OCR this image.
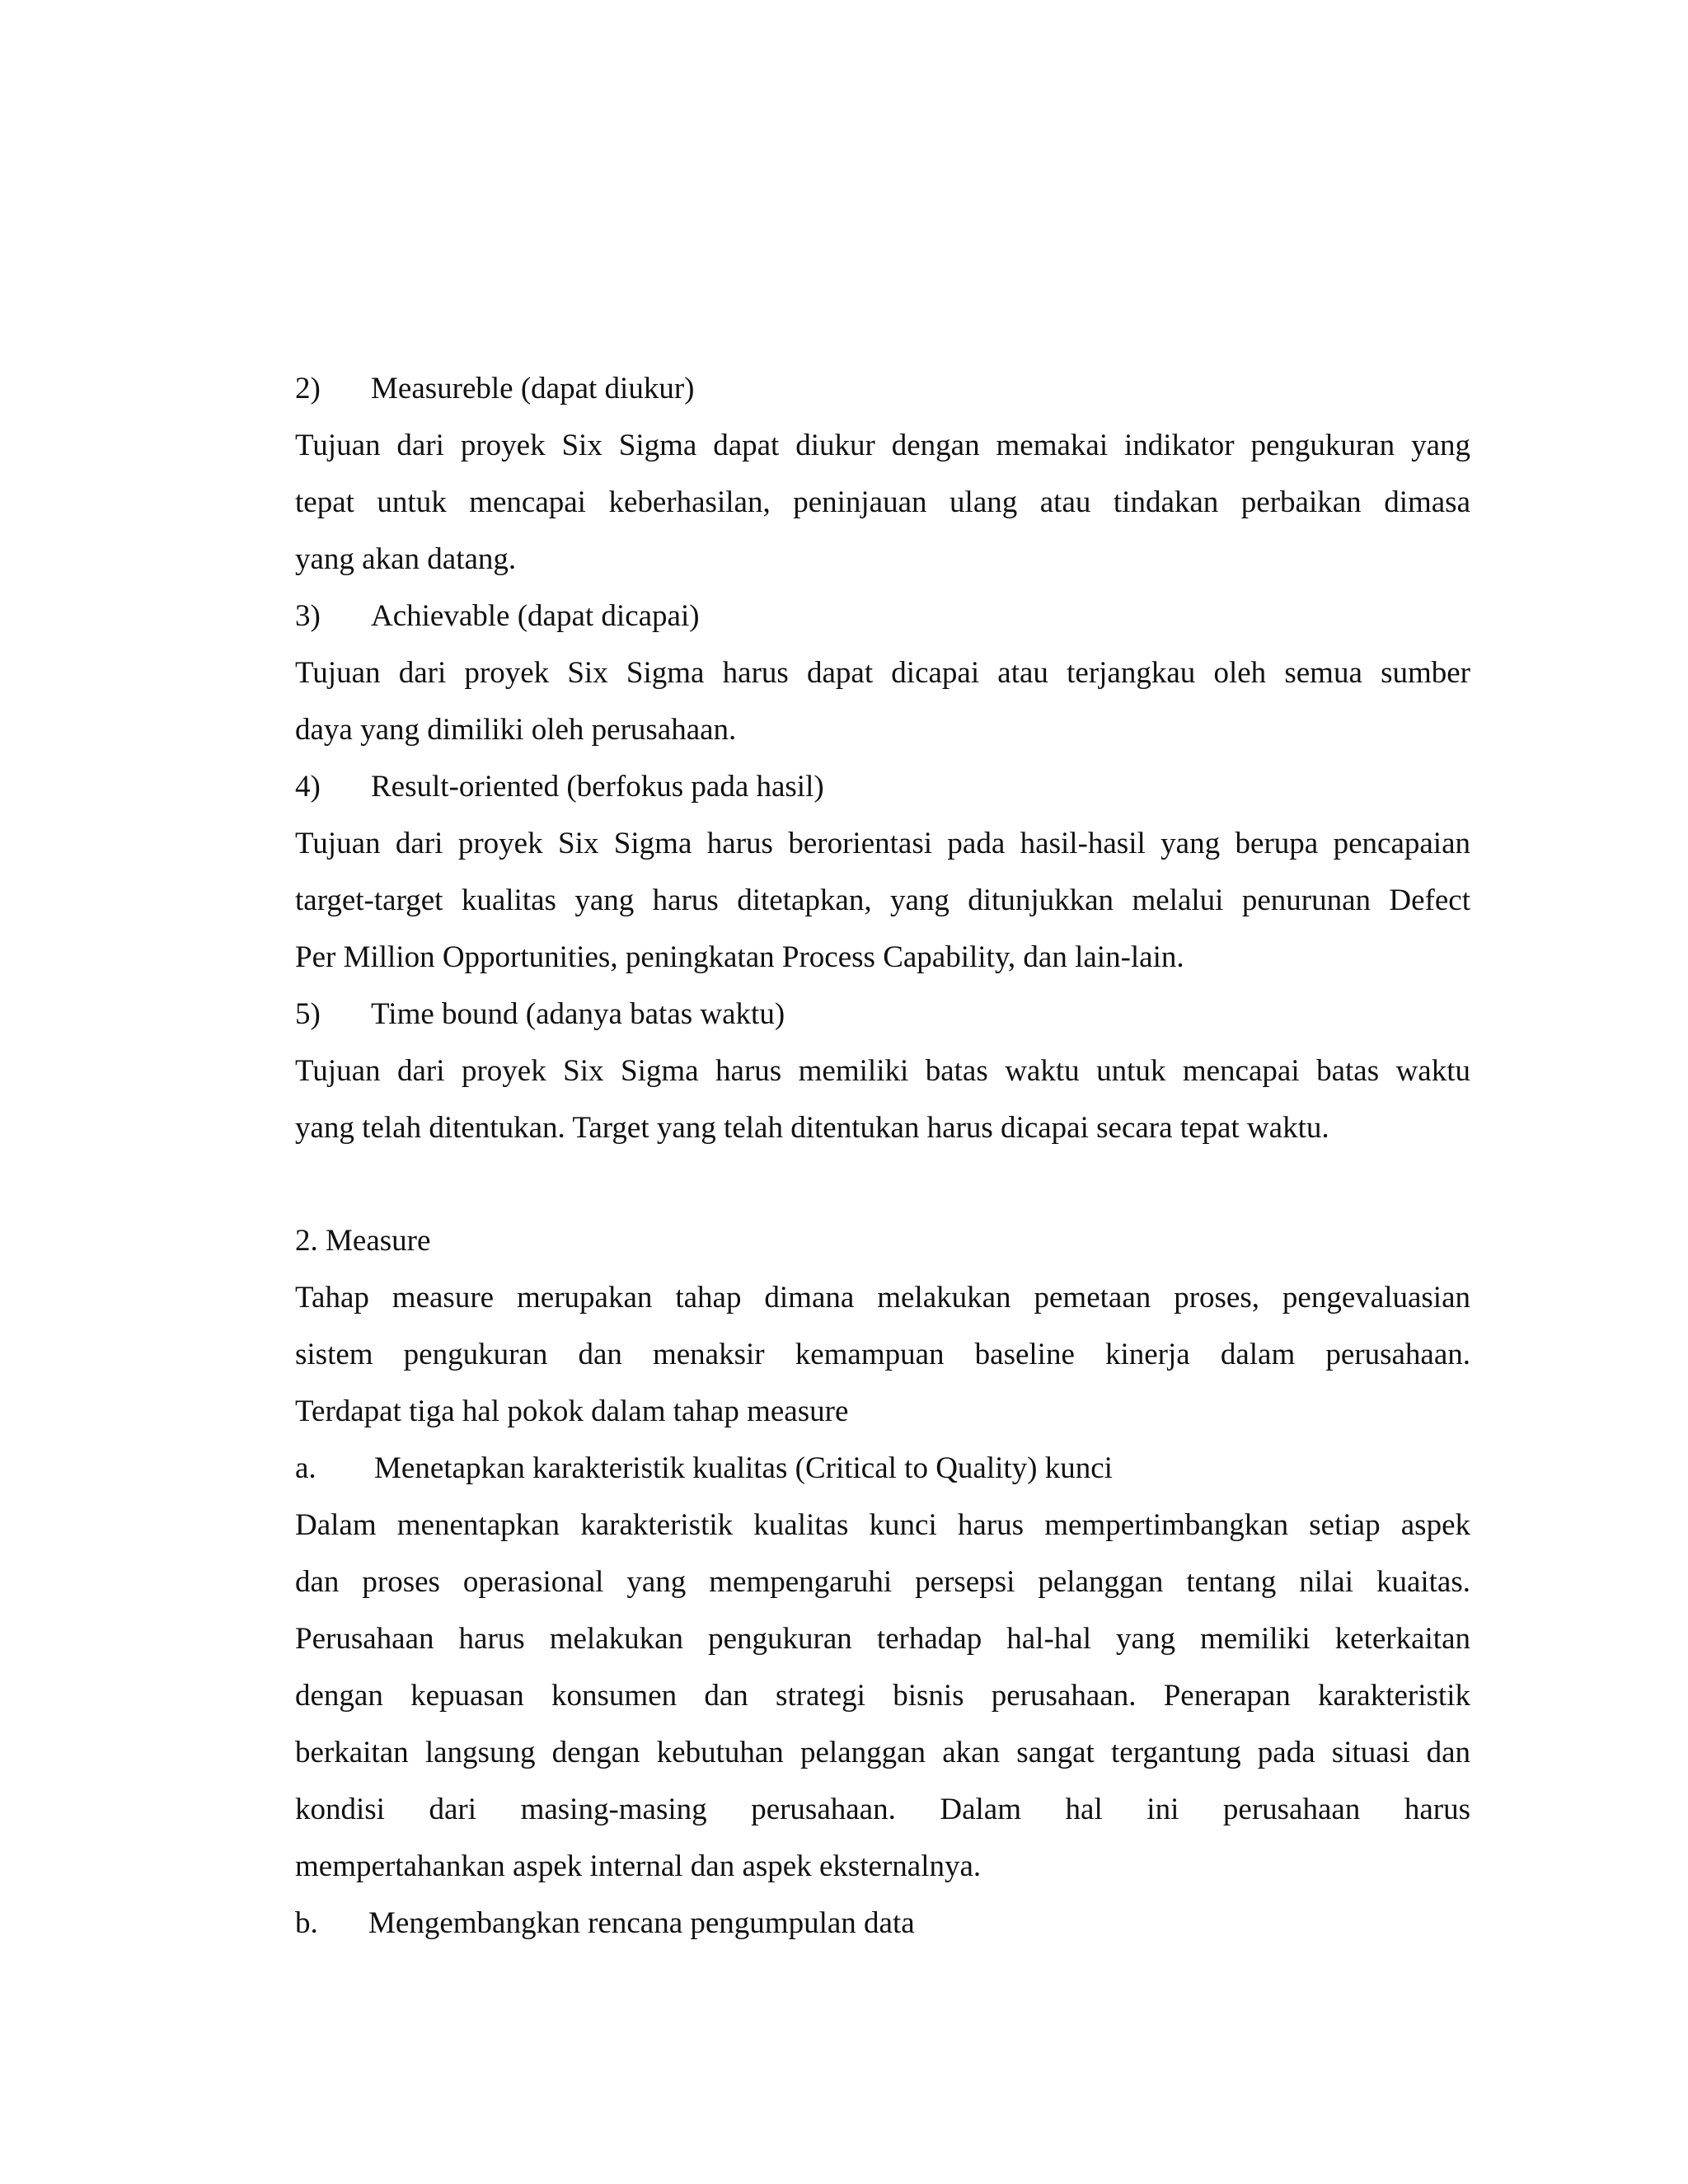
2)	Measureble (dapat diukur)

Tujuan dari proyek Six Sigma dapat diukur dengan memakai indikator pengukuran yang

tepat untuk mencapai keberhasilan, peninjauan ulang atau tindakan perbaikan dimasa

yang akan datang.

3)	Achievable (dapat dicapai)

Tujuan dari proyek Six Sigma harus dapat dicapai atau terjangkau oleh semua sumber

daya yang dimiliki oleh perusahaan.

4)	Result-oriented (berfokus pada hasil)

Tujuan dari proyek Six Sigma harus berorientasi pada hasil-hasil yang berupa pencapaian

target-target kualitas yang harus ditetapkan, yang ditunjukkan melalui penurunan Defect

Per Million Opportunities, peningkatan Process Capability, dan lain-lain.

5)	Time bound (adanya batas waktu)

Tujuan dari proyek Six Sigma harus memiliki batas waktu untuk mencapai batas waktu

yang telah ditentukan. Target yang telah ditentukan harus dicapai secara tepat waktu.

2. Measure

Tahap measure merupakan tahap dimana melakukan pemetaan proses, pengevaluasian

sistem pengukuran dan menaksir kemampuan baseline kinerja dalam perusahaan.

Terdapat tiga hal pokok dalam tahap measure

a.	Menetapkan karakteristik kualitas (Critical to Quality) kunci

Dalam menentapkan karakteristik kualitas kunci harus mempertimbangkan setiap aspek

dan proses operasional yang mempengaruhi persepsi pelanggan tentang nilai kuaitas.

Perusahaan harus melakukan pengukuran terhadap hal-hal yang memiliki keterkaitan

dengan kepuasan konsumen dan strategi bisnis perusahaan. Penerapan karakteristik

berkaitan langsung dengan kebutuhan pelanggan akan sangat tergantung pada situasi dan

kondisi dari masing-masing perusahaan. Dalam hal ini perusahaan harus

mempertahankan aspek internal dan aspek eksternalnya.

b.	Mengembangkan rencana pengumpulan data
